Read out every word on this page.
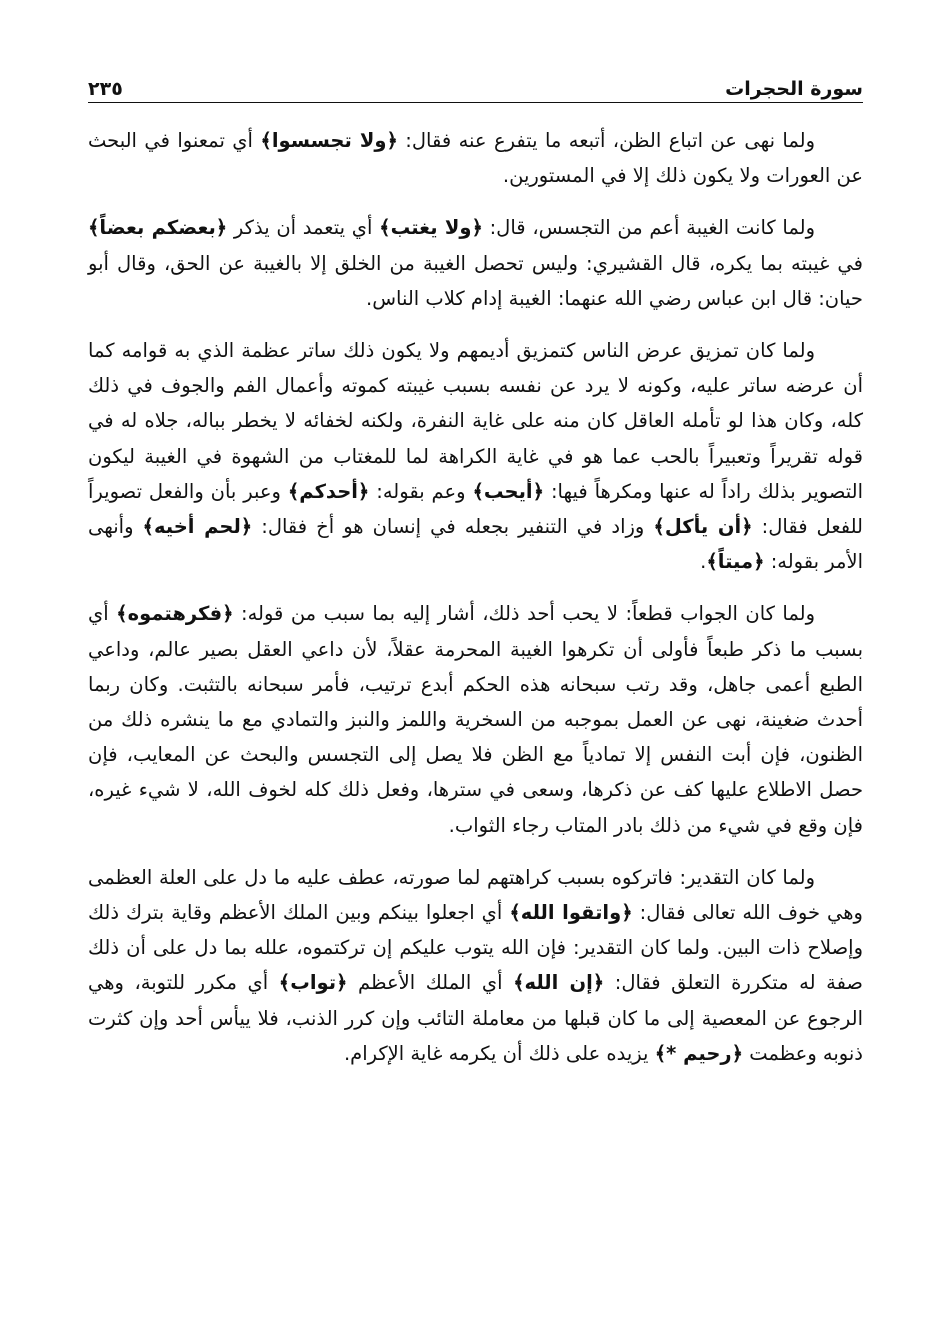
سورة الحجرات
٢٣٥

ولما نهى عن اتباع الظن، أتبعه ما يتفرع عنه فقال: ﴿ولا تجسسوا﴾ أي تمعنوا في البحث عن العورات ولا يكون ذلك إلا في المستورين.

ولما كانت الغيبة أعم من التجسس، قال: ﴿ولا يغتب﴾ أي يتعمد أن يذكر ﴿بعضكم بعضاً﴾ في غيبته بما يكره، قال القشيري: وليس تحصل الغيبة من الخلق إلا بالغيبة عن الحق، وقال أبو حيان: قال ابن عباس رضي الله عنهما: الغيبة إدام كلاب الناس.

ولما كان تمزيق عرض الناس كتمزيق أديمهم ولا يكون ذلك ساتر عظمة الذي به قوامه كما أن عرضه ساتر عليه، وكونه لا يرد عن نفسه بسبب غيبته كموته وأعمال الفم والجوف في ذلك كله، وكان هذا لو تأمله العاقل كان منه على غاية النفرة، ولكنه لخفائه لا يخطر بباله، جلاه له في قوله تقريراً وتعبيراً بالحب عما هو في غاية الكراهة لما للمغتاب من الشهوة في الغيبة ليكون التصوير بذلك راداً له عنها ومكرهاً فيها: ﴿أيحب﴾ وعم بقوله: ﴿أحدكم﴾ وعبر بأن والفعل تصويراً للفعل فقال: ﴿أن يأكل﴾ وزاد في التنفير بجعله في إنسان هو أخ فقال: ﴿لحم أخيه﴾ وأنهى الأمر بقوله: ﴿ميتاً﴾.

ولما كان الجواب قطعاً: لا يحب أحد ذلك، أشار إليه بما سبب من قوله: ﴿فكرهتموه﴾ أي بسبب ما ذكر طبعاً فأولى أن تكرهوا الغيبة المحرمة عقلاً، لأن داعي العقل بصير عالم، وداعي الطبع أعمى جاهل، وقد رتب سبحانه هذه الحكم أبدع ترتيب، فأمر سبحانه بالتثبت. وكان ربما أحدث ضغينة، نهى عن العمل بموجبه من السخرية واللمز والنبز والتمادي مع ما ينشره ذلك من الظنون، فإن أبت النفس إلا تمادياً مع الظن فلا يصل إلى التجسس والبحث عن المعايب، فإن حصل الاطلاع عليها كف عن ذكرها، وسعى في سترها، وفعل ذلك كله لخوف الله، لا شيء غيره، فإن وقع في شيء من ذلك بادر المتاب رجاء الثواب.

ولما كان التقدير: فاتركوه بسبب كراهتهم لما صورته، عطف عليه ما دل على العلة العظمى وهي خوف الله تعالى فقال: ﴿واتقوا الله﴾ أي اجعلوا بينكم وبين الملك الأعظم وقاية بترك ذلك وإصلاح ذات البين. ولما كان التقدير: فإن الله يتوب عليكم إن تركتموه، علله بما دل على أن ذلك صفة له متكررة التعلق فقال: ﴿إن الله﴾ أي الملك الأعظم ﴿تواب﴾ أي مكرر للتوبة، وهي الرجوع عن المعصية إلى ما كان قبلها من معاملة التائب وإن كرر الذنب، فلا ييأس أحد وإن كثرت ذنوبه وعظمت ﴿رحيم *﴾ يزيده على ذلك أن يكرمه غاية الإكرام.
